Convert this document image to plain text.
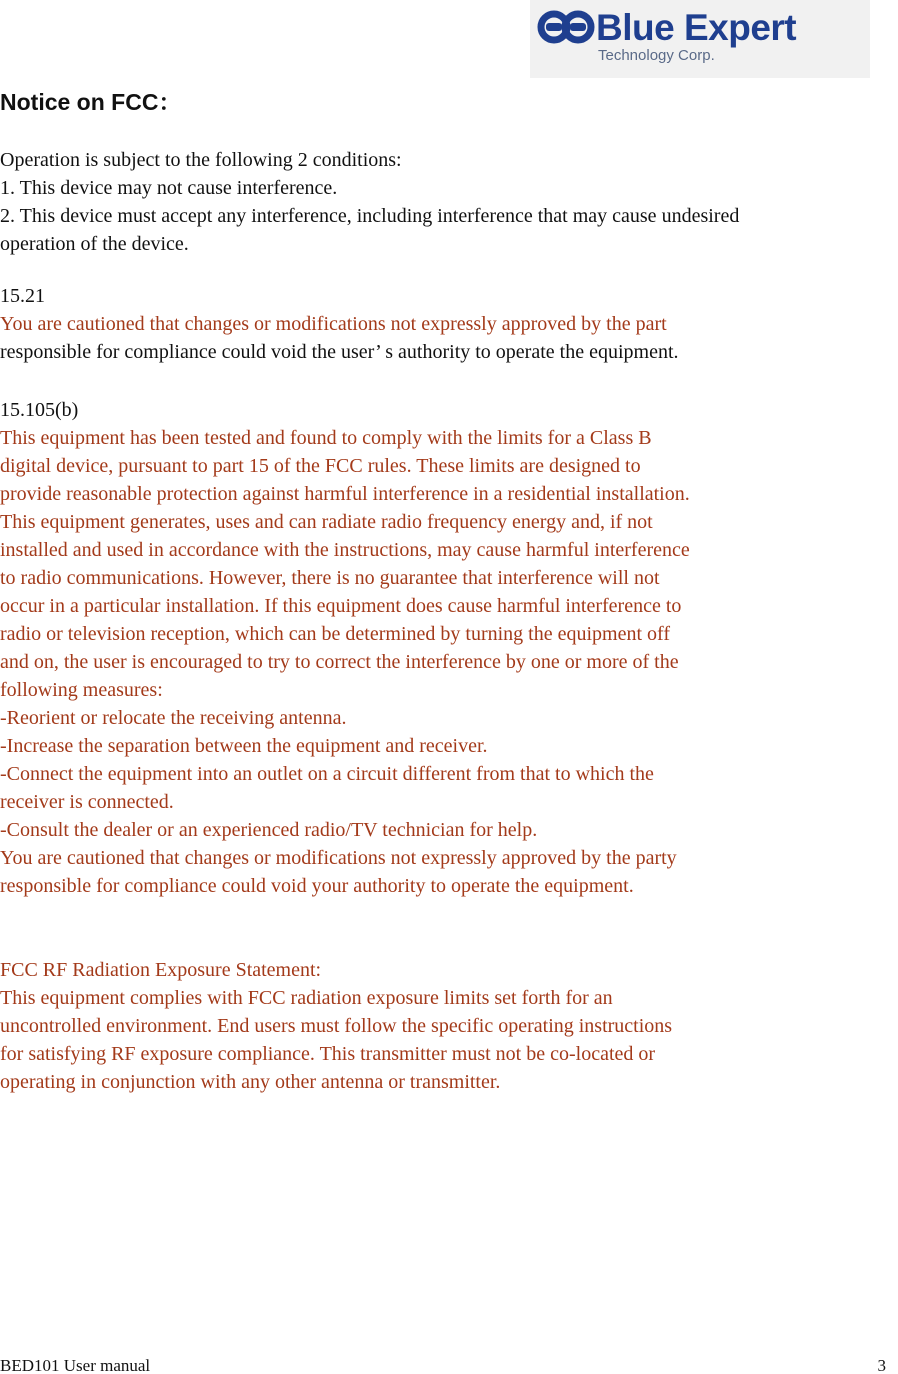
Blue Expert
Technology Corp.
Notice on FCC：
Operation is subject to the following 2 conditions:
1. This device may not cause interference.
2. This device must accept any interference, including interference that may cause undesired
operation of the device.
15.21
You are cautioned that changes or modifications not expressly approved by the part
responsible for compliance could void the user’ s authority to operate the equipment.
15.105(b)
This equipment has been tested and found to comply with the limits for a Class B
digital device, pursuant to part 15 of the FCC rules. These limits are designed to
provide reasonable protection against harmful interference in a residential installation.
This equipment generates, uses and can radiate radio frequency energy and, if not
installed and used in accordance with the instructions, may cause harmful interference
to radio communications. However, there is no guarantee that interference will not
occur in a particular installation. If this equipment does cause harmful interference to
radio or television reception, which can be determined by turning the equipment off
and on, the user is encouraged to try to correct the interference by one or more of the
following measures:
-Reorient or relocate the receiving antenna.
-Increase the separation between the equipment and receiver.
-Connect the equipment into an outlet on a circuit different from that to which the
receiver is connected.
-Consult the dealer or an experienced radio/TV technician for help.
You are cautioned that changes or modifications not expressly approved by the party
responsible for compliance could void your authority to operate the equipment.
FCC RF Radiation Exposure Statement:
This equipment complies with FCC radiation exposure limits set forth for an
uncontrolled environment. End users must follow the specific operating instructions
for satisfying RF exposure compliance. This transmitter must not be co-located or
operating in conjunction with any other antenna or transmitter.
BED101 User manual	3
